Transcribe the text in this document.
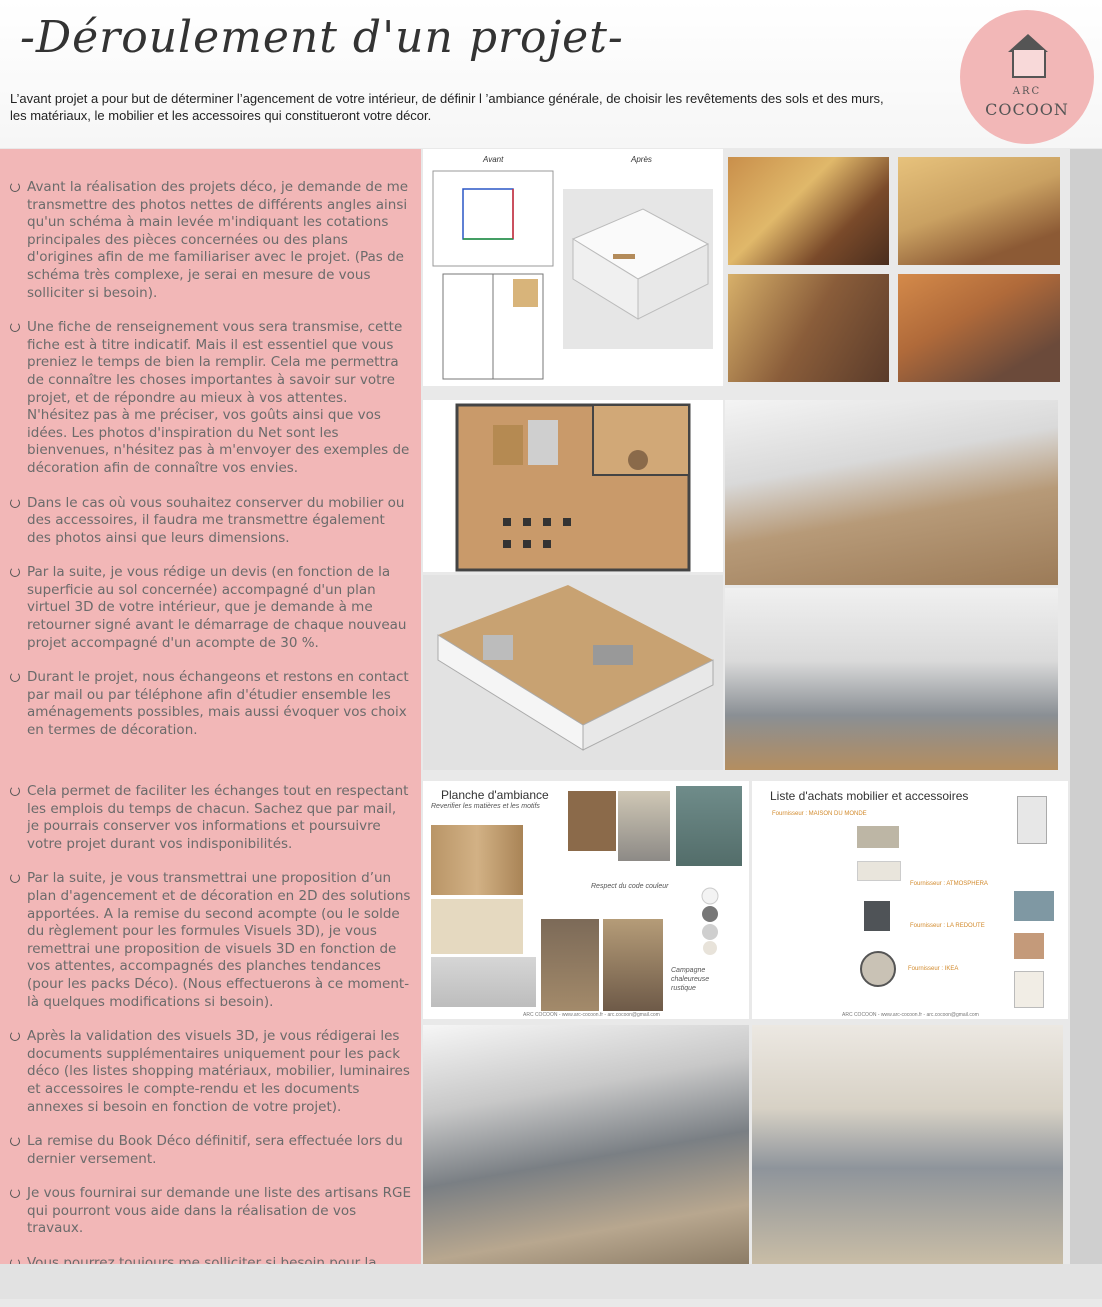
-Déroulement d'un projet-
L’avant projet a pour but de déterminer l’agencement de votre intérieur, de définir l ’ambiance générale, de choisir les revêtements des sols et des murs, les matériaux, le mobilier et les accessoires qui constitueront votre décor.
ARC
COCOON
Avant la réalisation des projets déco, je demande de me transmettre des photos nettes de différents angles ainsi qu'un schéma à main levée m'indiquant les cotations principales des pièces concernées ou des plans d'origines afin de me familiariser avec le projet. (Pas de schéma très complexe, je serai en mesure de vous solliciter si besoin).
Une fiche de renseignement vous sera transmise, cette fiche est à titre indicatif. Mais il est essentiel que vous preniez le temps de bien la remplir. Cela me permettra de connaître les choses importantes à savoir sur votre projet, et de répondre au mieux à vos attentes. N'hésitez pas à me préciser, vos goûts ainsi que vos idées. Les photos d'inspiration du Net sont les bienvenues, n'hésitez pas à m'envoyer des exemples de décoration afin de connaître vos envies.
Dans le cas où vous souhaitez conserver du mobilier ou des accessoires, il faudra me transmettre également des photos ainsi que leurs dimensions.
Par la suite, je vous rédige un devis (en fonction de la superficie au sol concernée) accompagné d'un plan virtuel 3D de votre intérieur, que je demande à me retourner signé avant le démarrage de chaque nouveau projet accompagné d'un acompte de 30 %.
Durant le projet, nous échangeons et restons en contact par mail ou par téléphone afin d'étudier ensemble les aménagements possibles, mais aussi évoquer vos choix en termes de décoration.
Cela permet de faciliter les échanges tout en respectant les emplois du temps de chacun. Sachez que par mail, je pourrais conserver vos informations et poursuivre votre projet durant vos indisponibilités.
Par la suite, je vous transmettrai une proposition d’un plan d'agencement et de décoration en 2D des solutions apportées. A la remise du second acompte (ou le solde du règlement pour les formules Visuels 3D), je vous remettrai une proposition de visuels 3D en fonction de vos attentes, accompagnés des planches tendances (pour les packs Déco). (Nous effectuerons à ce moment-là quelques modifications si besoin).
Après la validation des visuels 3D, je vous rédigerai les documents supplémentaires uniquement pour les pack déco (les listes shopping matériaux, mobilier, luminaires et accessoires le compte-rendu et les documents annexes si besoin en fonction de votre projet).
La remise du Book Déco définitif, sera effectuée lors du dernier versement.
Je vous fournirai sur demande une liste des artisans RGE qui pourront vous aide dans la réalisation de vos travaux.
Avant	Après
Planche d'ambiance
Reverifier les matières et les motifs
Respect du code couleur
Campagne chaleureuse rustique
ARC COCOON - www.arc-cocoon.fr - arc.cocoon@gmail.com
Liste d'achats mobilier et accessoires
Fournisseur : MAISON DU MONDE
Fournisseur : ATMOSPHERA
Fournisseur : LA REDOUTE
Fournisseur : IKEA
ARC COCOON - www.arc-cocoon.fr - arc.cocoon@gmail.com
